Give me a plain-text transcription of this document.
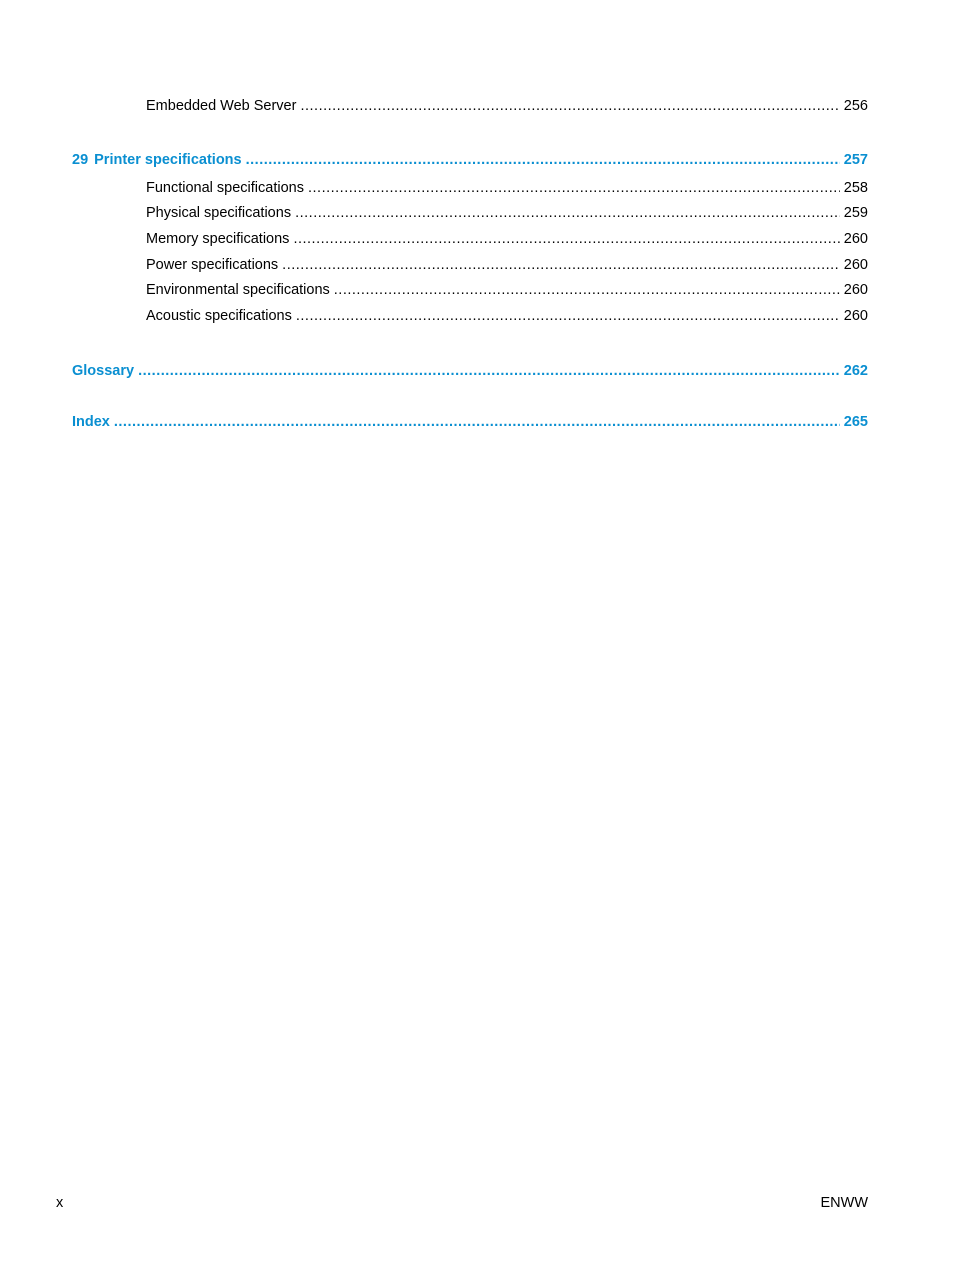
Embedded Web Server .....	256
29 Printer specifications .....	257
Functional specifications .....	258
Physical specifications .....	259
Memory specifications .....	260
Power specifications .....	260
Environmental specifications .....	260
Acoustic specifications .....	260
Glossary .....	262
Index .....	265
x	ENWW
